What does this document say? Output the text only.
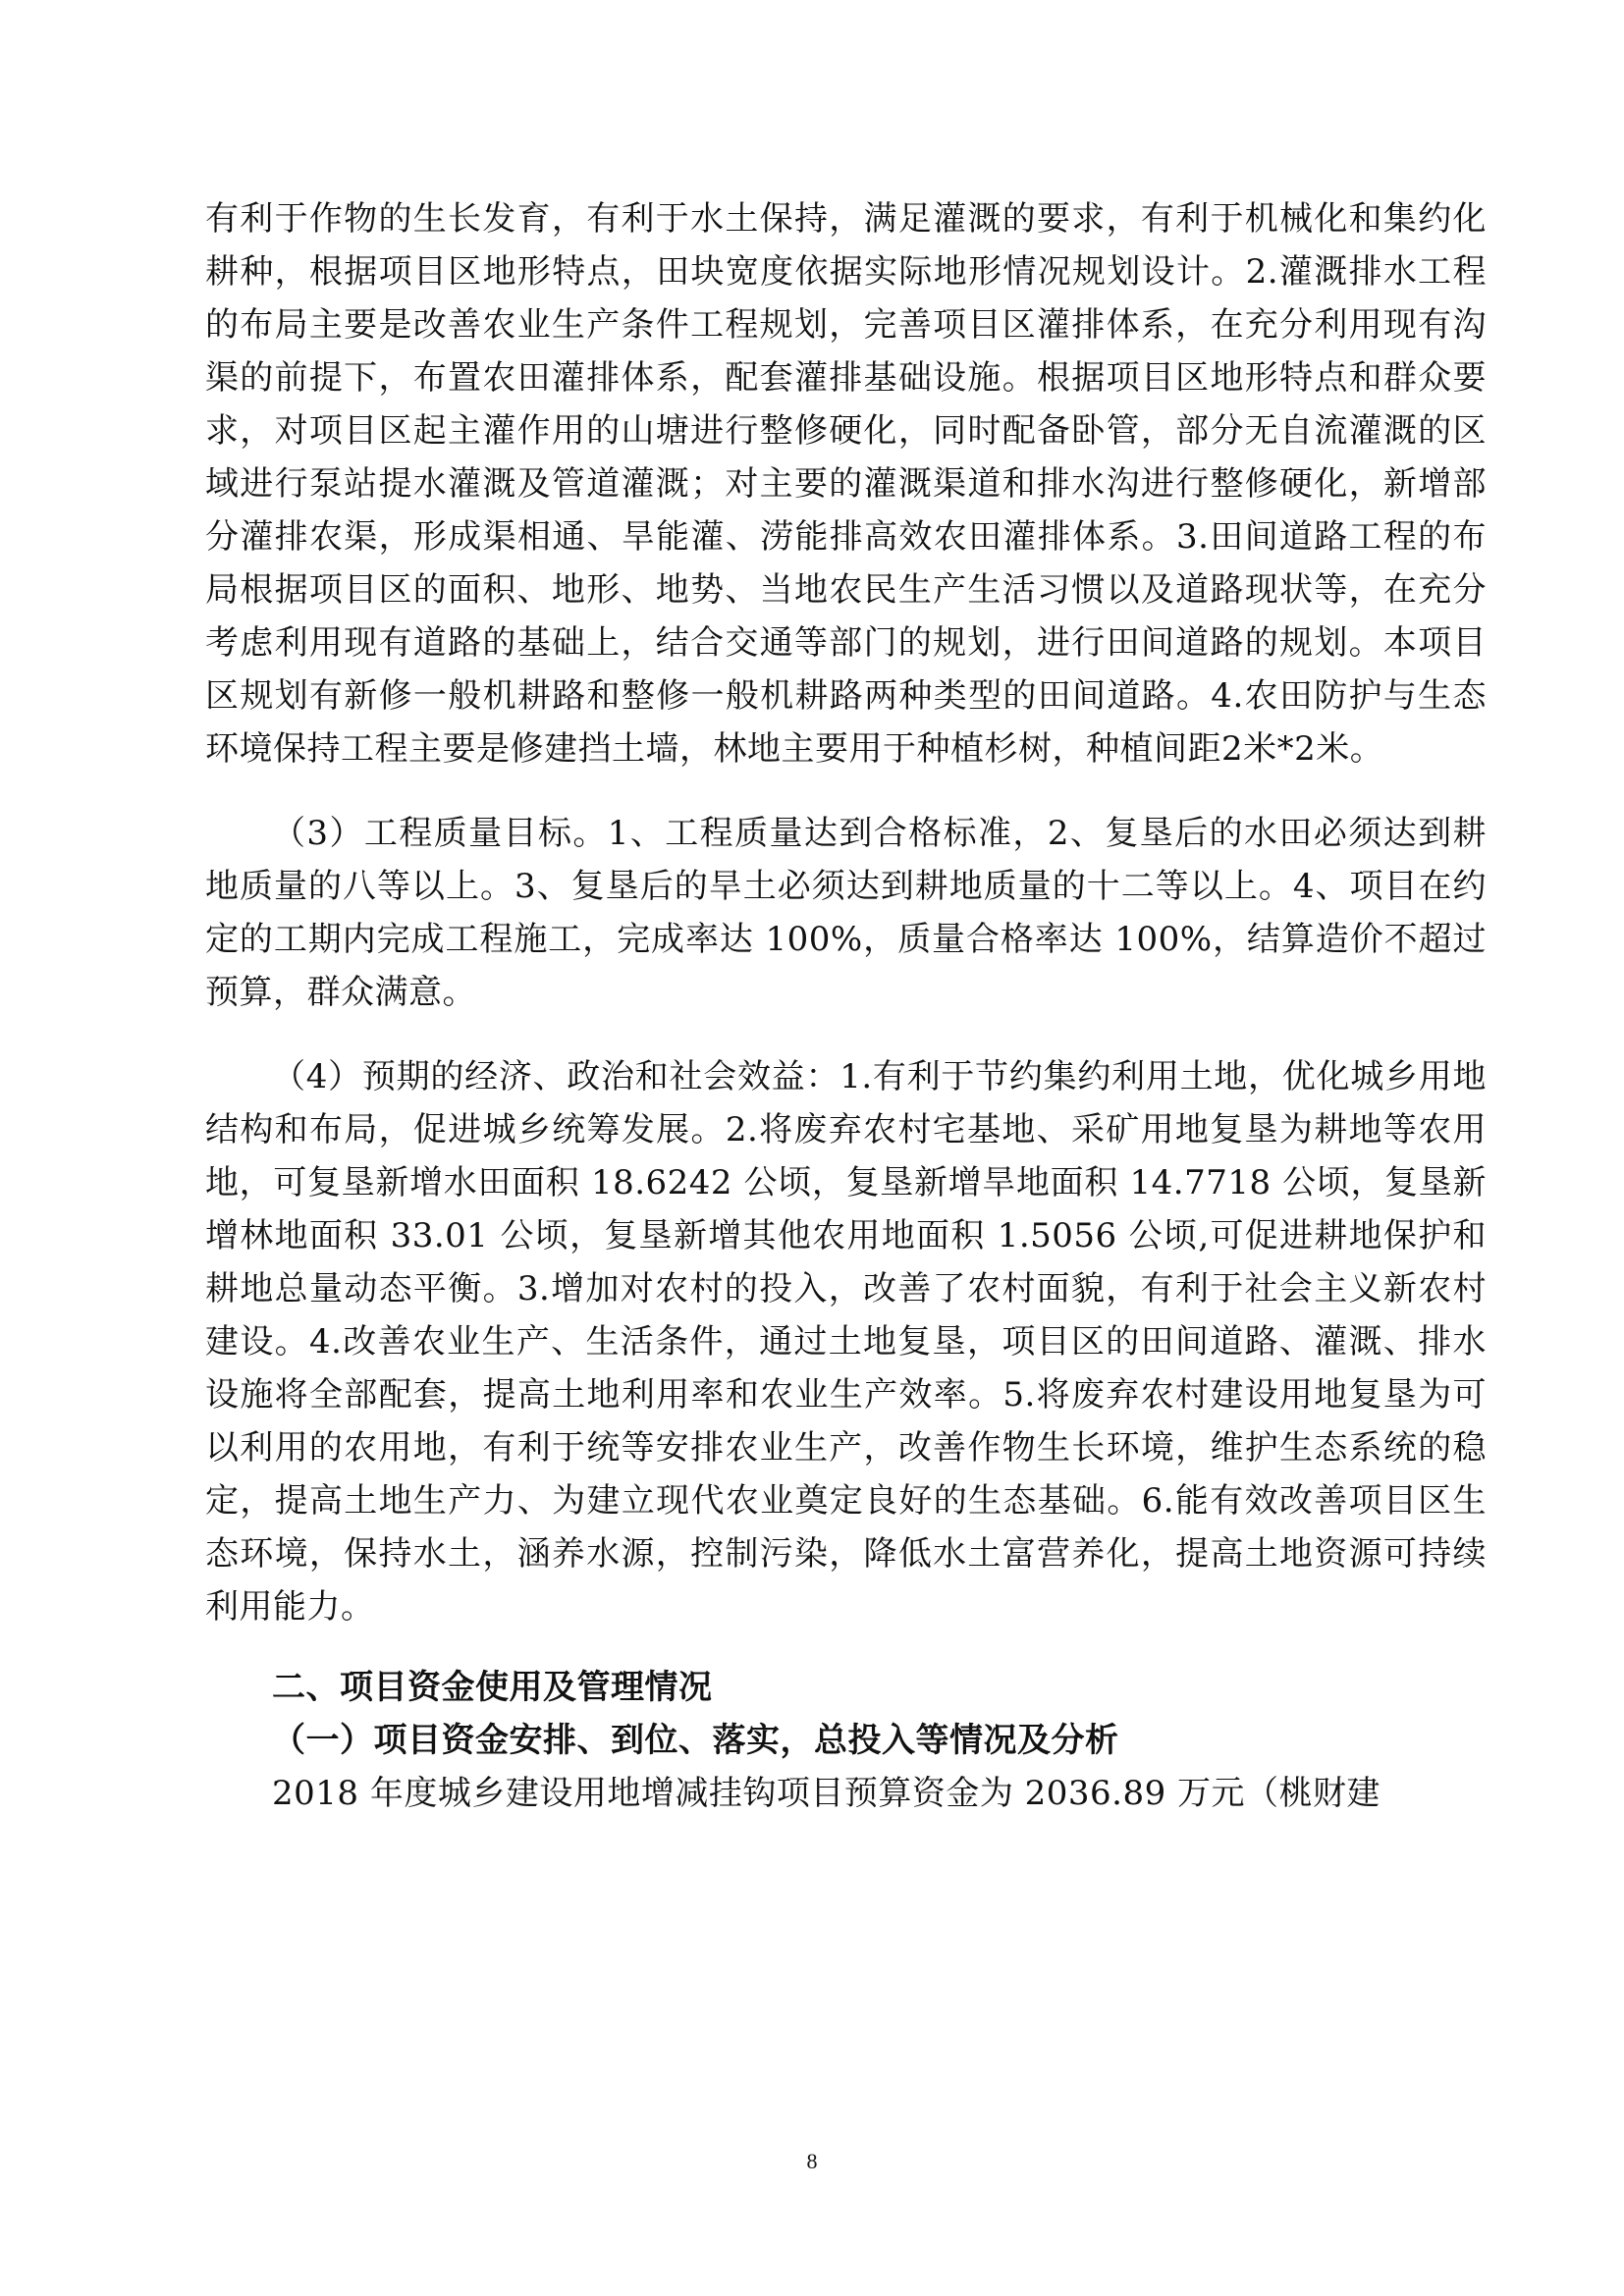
有利于作物的生长发育，有利于水土保持，满足灌溉的要求，有利于机械化和集约化耕种，根据项目区地形特点，田块宽度依据实际地形情况规划设计。2.灌溉排水工程的布局主要是改善农业生产条件工程规划，完善项目区灌排体系，在充分利用现有沟渠的前提下，布置农田灌排体系，配套灌排基础设施。根据项目区地形特点和群众要求，对项目区起主灌作用的山塘进行整修硬化，同时配备卧管，部分无自流灌溉的区域进行泵站提水灌溉及管道灌溉；对主要的灌溉渠道和排水沟进行整修硬化，新增部分灌排农渠，形成渠相通、旱能灌、涝能排高效农田灌排体系。3.田间道路工程的布局根据项目区的面积、地形、地势、当地农民生产生活习惯以及道路现状等，在充分考虑利用现有道路的基础上，结合交通等部门的规划，进行田间道路的规划。本项目区规划有新修一般机耕路和整修一般机耕路两种类型的田间道路。4.农田防护与生态环境保持工程主要是修建挡土墙，林地主要用于种植杉树，种植间距2米*2米。

（3）工程质量目标。1、工程质量达到合格标准，2、复垦后的水田必须达到耕地质量的八等以上。3、复垦后的旱土必须达到耕地质量的十二等以上。4、项目在约定的工期内完成工程施工，完成率达 100%，质量合格率达 100%，结算造价不超过预算，群众满意。

（4）预期的经济、政治和社会效益：1.有利于节约集约利用土地，优化城乡用地结构和布局，促进城乡统筹发展。2.将废弃农村宅基地、采矿用地复垦为耕地等农用地，可复垦新增水田面积 18.6242 公顷，复垦新增旱地面积 14.7718 公顷，复垦新增林地面积 33.01 公顷，复垦新增其他农用地面积 1.5056 公顷,可促进耕地保护和耕地总量动态平衡。3.增加对农村的投入，改善了农村面貌，有利于社会主义新农村建设。4.改善农业生产、生活条件，通过土地复垦，项目区的田间道路、灌溉、排水设施将全部配套，提高土地利用率和农业生产效率。5.将废弃农村建设用地复垦为可以利用的农用地，有利于统等安排农业生产，改善作物生长环境，维护生态系统的稳定，提高土地生产力、为建立现代农业奠定良好的生态基础。6.能有效改善项目区生态环境，保持水土，涵养水源，控制污染，降低水土富营养化，提高土地资源可持续利用能力。

二、项目资金使用及管理情况
（一）项目资金安排、到位、落实，总投入等情况及分析

2018 年度城乡建设用地增减挂钩项目预算资金为 2036.89 万元（桃财建

8
